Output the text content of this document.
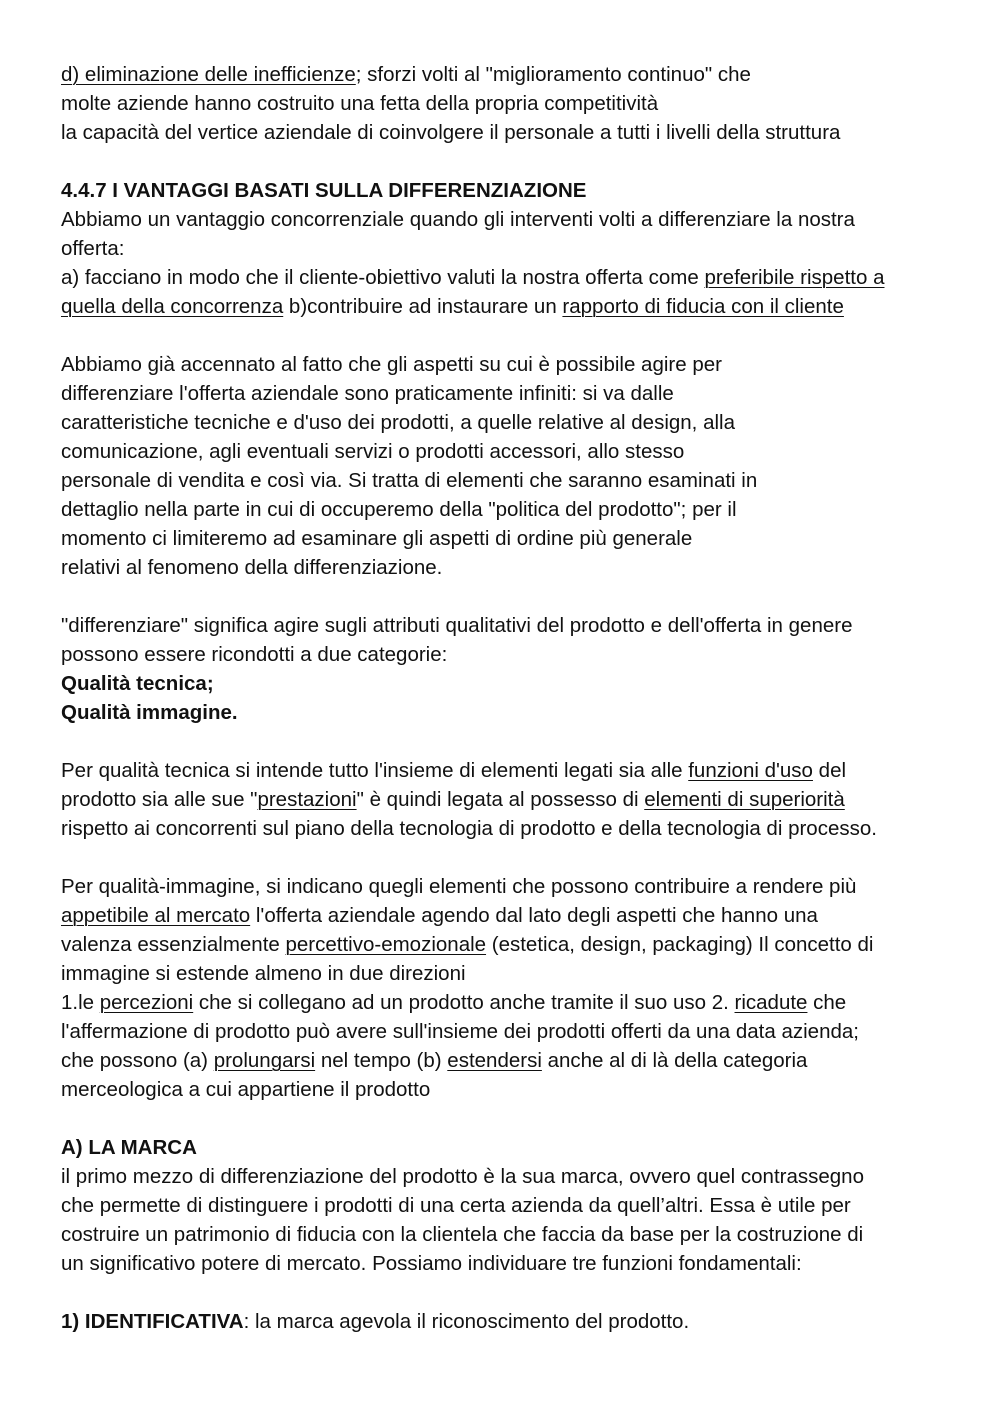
d) eliminazione delle inefficienze; sforzi volti al "miglioramento continuo" che

molte aziende hanno costruito una fetta della propria competitività

la capacità del vertice aziendale di coinvolgere il personale a tutti i livelli della struttura

4.4.7 I VANTAGGI BASATI SULLA DIFFERENZIAZIONE

Abbiamo un vantaggio concorrenziale quando gli interventi volti a differenziare la nostra

offerta:

a) facciano in modo che il cliente-obiettivo valuti la nostra offerta come preferibile rispetto a

quella della concorrenza b)contribuire ad instaurare un rapporto di fiducia con il cliente

Abbiamo già accennato al fatto che gli aspetti su cui è possibile agire per

differenziare l'offerta aziendale sono praticamente infiniti: si va dalle

caratteristiche tecniche e d'uso dei prodotti, a quelle relative al design, alla

comunicazione, agli eventuali servizi o prodotti accessori, allo stesso

personale di vendita e così via. Si tratta di elementi che saranno esaminati in

dettaglio nella parte in cui di occuperemo della "politica del prodotto"; per il

momento ci limiteremo ad esaminare gli aspetti di ordine più generale

relativi al fenomeno della differenziazione.

"differenziare" significa agire sugli attributi qualitativi del prodotto e dell'offerta in genere

possono essere ricondotti a due categorie:

Qualità tecnica;

Qualità immagine.

Per qualità tecnica si intende tutto l'insieme di elementi legati sia alle funzioni d'uso del

prodotto sia alle sue "prestazioni" è quindi legata al possesso di elementi di superiorità

rispetto ai concorrenti sul piano della tecnologia di prodotto e della tecnologia di processo.

Per qualità-immagine, si indicano quegli elementi che possono contribuire a rendere più

appetibile al mercato l'offerta aziendale agendo dal lato degli aspetti che hanno una

valenza essenzialmente percettivo-emozionale (estetica, design, packaging) Il concetto di

immagine si estende almeno in due direzioni

1.le percezioni che si collegano ad un prodotto anche tramite il suo uso 2. ricadute che

l'affermazione di prodotto può avere sull'insieme dei prodotti offerti da una data azienda;

che possono (a) prolungarsi nel tempo (b) estendersi anche al di là della categoria

merceologica a cui appartiene il prodotto

A) LA MARCA

il primo mezzo di differenziazione del prodotto è la sua marca, ovvero quel contrassegno

che permette di distinguere i prodotti di una certa azienda da quell’altri. Essa è utile per

costruire un patrimonio di fiducia con la clientela che faccia da base per la costruzione di

un significativo potere di mercato. Possiamo individuare tre funzioni fondamentali:

1) IDENTIFICATIVA: la marca agevola il riconoscimento del prodotto.
